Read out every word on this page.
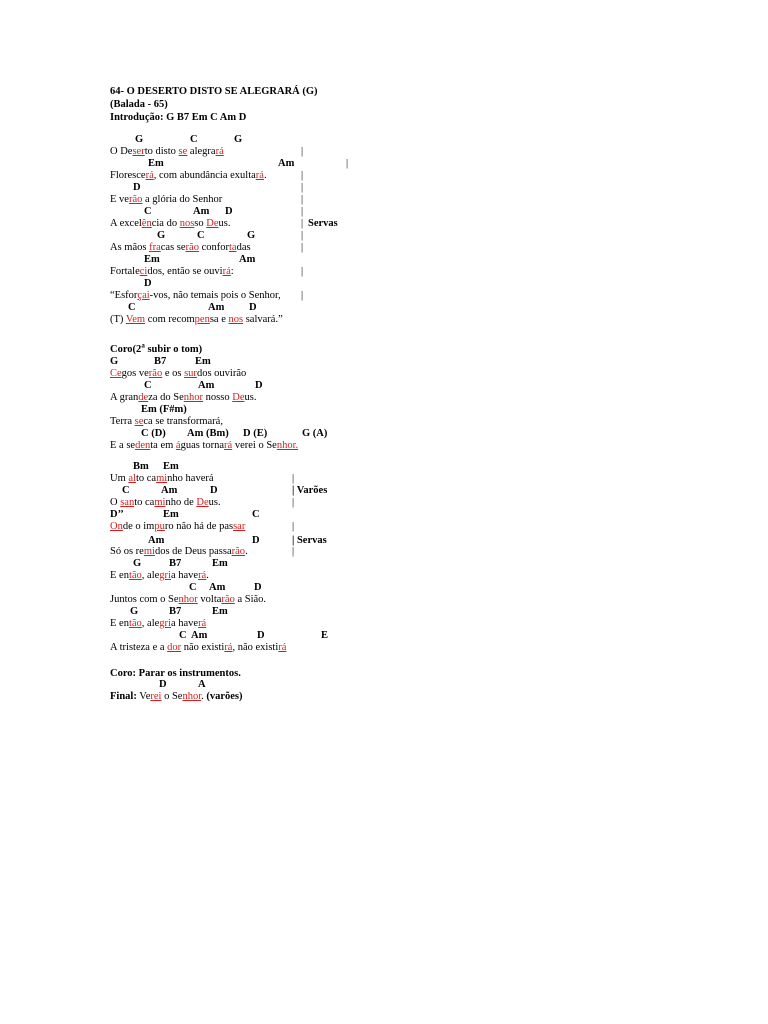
64- O DESERTO DISTO SE ALEGRARÁ (G)
(Balada - 65)
Introdução: G B7 Em C Am D
G	C	G
O Deserto disto se alegrará	|
Em	Am	|
Florescerá, com abundância exultará.	|
D	|
E verão a glória do Senhor	|
C	Am D	|
A excelência do nosso Deus.	| Servas
G	C	G	|
As mãos fracas serão confortadas	|
Em	Am
Fortalecidos, então se ouvirá:	|
D
“Esforçai-vos, não temais pois o Senhor, |
C	Am D
(T) Vem com recompensa e nos salvará.”
Coro(2$^a$ subir o tom)
G	B7	Em
Cegos verão e os surdos ouvirão
C	Am	D
A grandeza do Senhor nosso Deus.
Em (F#m)
Terra seca se transformará,
C (D) Am (Bm) D (E)	G (A)
E a sedenta em águas tornará verei o Senhor.
Bm Em
Um alto caminho haverá	|
C	Am	D	| Varões
O santo caminho de Deus.	|
D’’	Em	C
Onde o impuro não há de passar	|
Am	D	| Servas
Só os remidos de Deus passarão.	|
G	B7	Em
E então, alegria haverá.
C Am	D
Juntos com o Senhor voltarão a Sião.
G	B7	Em
E então, alegria haverá
C Am	D	E
A tristeza e a dor não existirá, não existirá
Coro: Parar os instrumentos.
D	A
Final: Verei o Senhor. (varões)
